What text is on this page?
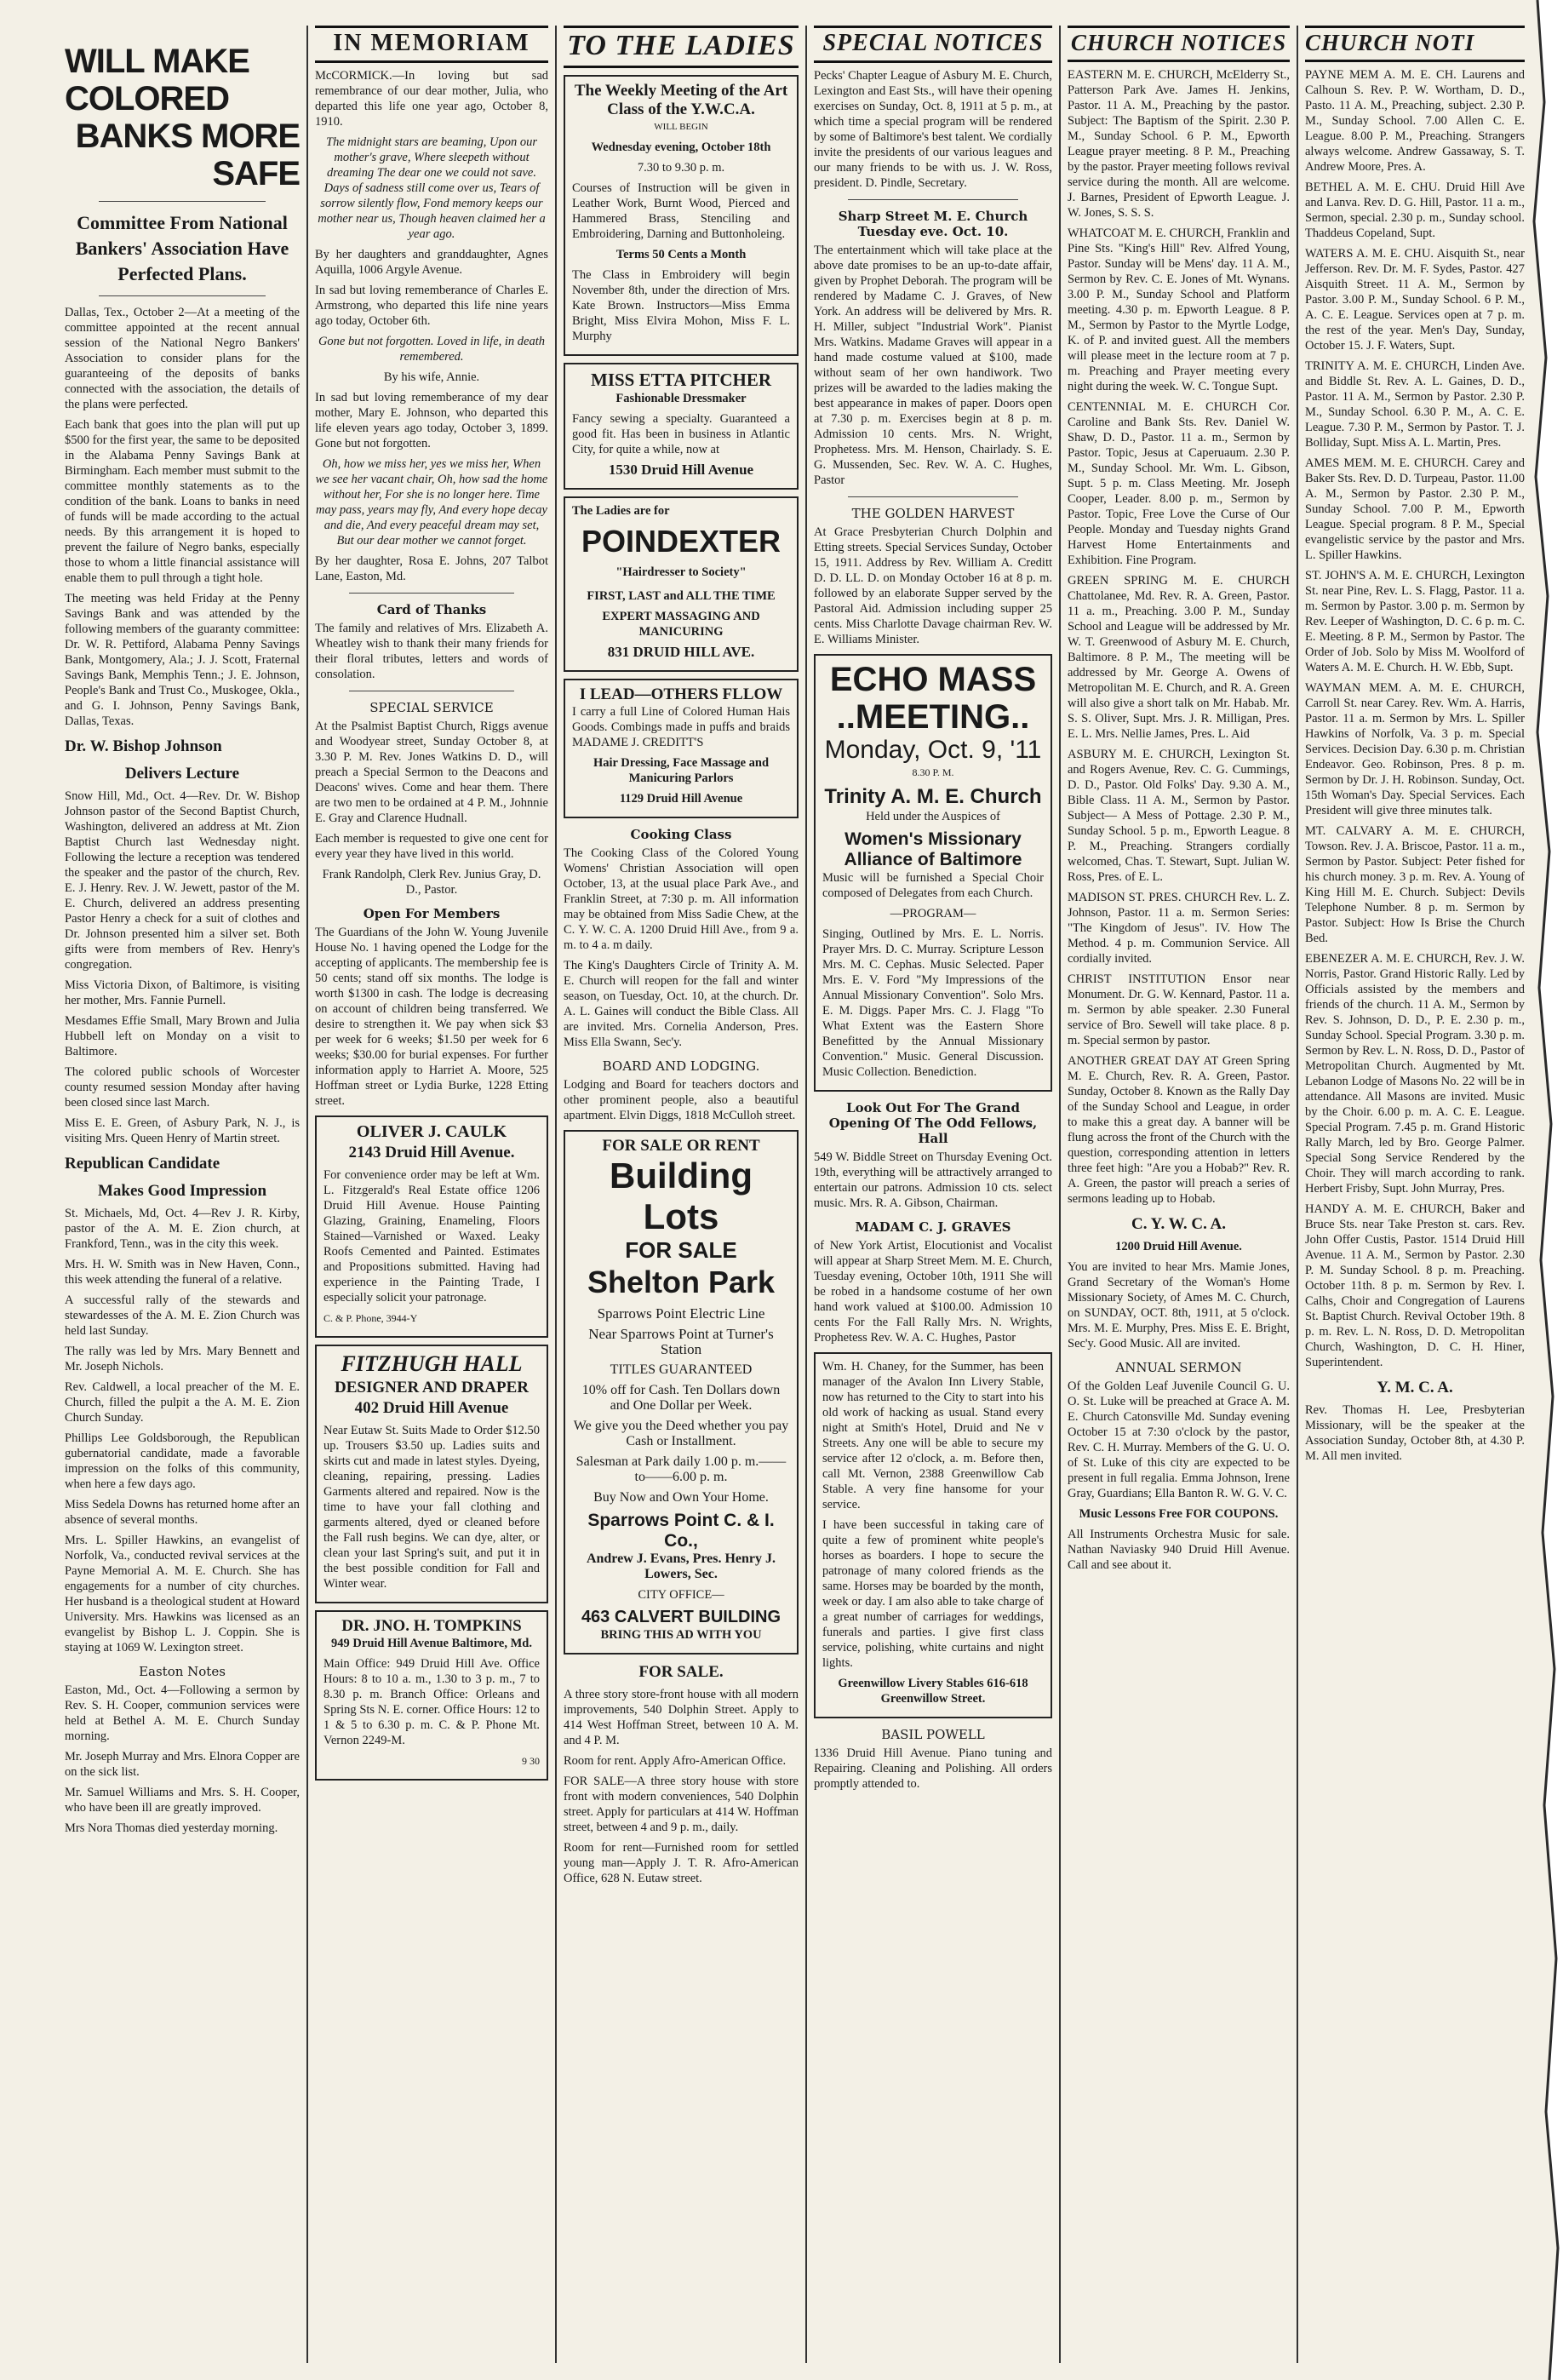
WILL MAKE COLORED
BANKS MORE SAFE
Committee From National Bankers' Association Have Perfected Plans.
Dallas, Tex., October 2—At a meeting of the committee appointed at the recent annual session of the National Negro Bankers' Association to consider plans for the guaranteeing of the deposits of banks connected with the association, the details of the plans were perfected.
Each bank that goes into the plan will put up $500 for the first year, the same to be deposited in the Alabama Penny Savings Bank at Birmingham. Each member must submit to the committee monthly statements as to the condition of the bank. Loans to banks in need of funds will be made according to the actual needs. By this arrangement it is hoped to prevent the failure of Negro banks, especially those to whom a little financial assistance will enable them to pull through a tight hole.
The meeting was held Friday at the Penny Savings Bank and was attended by the following members of the guaranty committee: Dr. W. R. Pettiford, Alabama Penny Savings Bank, Montgomery, Ala.; J. J. Scott, Fraternal Savings Bank, Memphis Tenn.; J. E. Johnson, People's Bank and Trust Co., Muskogee, Okla., and G. I. Johnson, Penny Savings Bank, Dallas, Texas.
Dr. W. Bishop Johnson
Delivers Lecture
Snow Hill, Md., Oct. 4—Rev. Dr. W. Bishop Johnson pastor of the Second Baptist Church, Washington, delivered an address at Mt. Zion Baptist Church last Wednesday night. Following the lecture a reception was tendered the speaker and the pastor of the church, Rev. E. J. Henry. Rev. J. W. Jewett, pastor of the M. E. Church, delivered an address presenting Pastor Henry a check for a suit of clothes and Dr. Johnson presented him a silver set. Both gifts were from members of Rev. Henry's congregation.
Miss Victoria Dixon, of Baltimore, is visiting her mother, Mrs. Fannie Purnell.
Mesdames Effie Small, Mary Brown and Julia Hubbell left on Monday on a visit to Baltimore.
The colored public schools of Worcester county resumed session Monday after having been closed since last March.
Miss E. E. Green, of Asbury Park, N. J., is visiting Mrs. Queen Henry of Martin street.
Republican Candidate
Makes Good Impression
St. Michaels, Md, Oct. 4—Rev J. R. Kirby, pastor of the A. M. E. Zion church, at Frankford, Tenn., was in the city this week.
Mrs. H. W. Smith was in New Haven, Conn., this week attending the funeral of a relative.
A successful rally of the stewards and stewardesses of the A. M. E. Zion Church was held last Sunday.
The rally was led by Mrs. Mary Bennett and Mr. Joseph Nichols.
Rev. Caldwell, a local preacher of the M. E. Church, filled the pulpit a the A. M. E. Zion Church Sunday.
Phillips Lee Goldsborough, the Republican gubernatorial candidate, made a favorable impression on the folks of this community, when here a few days ago.
Miss Sedela Downs has returned home after an absence of several months.
Mrs. L. Spiller Hawkins, an evangelist of Norfolk, Va., conducted revival services at the Payne Memorial A. M. E. Church. She has engagements for a number of city churches. Her husband is a theological student at Howard University. Mrs. Hawkins was licensed as an evangelist by Bishop L. J. Coppin. She is staying at 1069 W. Lexington street.
Easton Notes
Easton, Md., Oct. 4—Following a sermon by Rev. S. H. Cooper, communion services were held at Bethel A. M. E. Church Sunday morning.
Mr. Joseph Murray and Mrs. Elnora Copper are on the sick list.
Mr. Samuel Williams and Mrs. S. H. Cooper, who have been ill are greatly improved.
Mrs Nora Thomas died yesterday morning.
IN MEMORIAM
McCORMICK.—In loving but sad remembrance of our dear mother, Julia, who departed this life one year ago, October 8, 1910.
The midnight stars are beaming, Upon our mother's grave, Where sleepeth without dreaming The dear one we could not save. Days of sadness still come over us, Tears of sorrow silently flow, Fond memory keeps our mother near us, Though heaven claimed her a year ago.
By her daughters and granddaughter, Agnes Aquilla, 1006 Argyle Avenue.
In sad but loving rememberance of Charles E. Armstrong, who departed this life nine years ago today, October 6th.
Gone but not forgotten. Loved in life, in death remembered.
By his wife, Annie.
In sad but loving rememberance of my dear mother, Mary E. Johnson, who departed this life eleven years ago today, October 3, 1899. Gone but not forgotten.
Oh, how we miss her, yes we miss her, When we see her vacant chair, Oh, how sad the home without her, For she is no longer here. Time may pass, years may fly, And every hope decay and die, And every peaceful dream may set, But our dear mother we cannot forget.
By her daughter, Rosa E. Johns, 207 Talbot Lane, Easton, Md.
Card of Thanks
The family and relatives of Mrs. Elizabeth A. Wheatley wish to thank their many friends for their floral tributes, letters and words of consolation.
SPECIAL SERVICE
At the Psalmist Baptist Church, Riggs avenue and Woodyear street, Sunday October 8, at 3.30 P. M. Rev. Jones Watkins D. D., will preach a Special Sermon to the Deacons and Deacons' wives. Come and hear them. There are two men to be ordained at 4 P. M., Johnnie E. Gray and Clarence Hudnall.
Each member is requested to give one cent for every year they have lived in this world.
Frank Randolph, Clerk Rev. Junius Gray, D. D., Pastor.
Open For Members
The Guardians of the John W. Young Juvenile House No. 1 having opened the Lodge for the accepting of applicants. The membership fee is 50 cents; stand off six months. The lodge is worth $1300 in cash. The lodge is decreasing on account of children being transferred. We desire to strengthen it. We pay when sick $3 per week for 6 weeks; $1.50 per week for 6 weeks; $30.00 for burial expenses. For further information apply to Harriet A. Moore, 525 Hoffman street or Lydia Burke, 1228 Etting street.
OLIVER J. CAULK
2143 Druid Hill Avenue.
For convenience order may be left at Wm. L. Fitzgerald's Real Estate office 1206 Druid Hill Avenue. House Painting Glazing, Graining, Enameling, Floors Stained—Varnished or Waxed. Leaky Roofs Cemented and Painted. Estimates and Propositions submitted. Having had experience in the Painting Trade, I especially solicit your patronage.
C. & P. Phone, 3944-Y
FITZHUGH HALL
DESIGNER AND DRAPER
402 Druid Hill Avenue
Near Eutaw St. Suits Made to Order $12.50 up. Trousers $3.50 up. Ladies suits and skirts cut and made in latest styles. Dyeing, cleaning, repairing, pressing. Ladies Garments altered and repaired. Now is the time to have your fall clothing and garments altered, dyed or cleaned before the Fall rush begins. We can dye, alter, or clean your last Spring's suit, and put it in the best possible condition for Fall and Winter wear.
DR. JNO. H. TOMPKINS
949 Druid Hill Avenue Baltimore, Md.
Main Office: 949 Druid Hill Ave. Office Hours: 8 to 10 a. m., 1.30 to 3 p. m., 7 to 8.30 p. m. Branch Office: Orleans and Spring Sts N. E. corner. Office Hours: 12 to 1 & 5 to 6.30 p. m. C. & P. Phone Mt. Vernon 2249-M.
9 30
TO THE LADIES
The Weekly Meeting of the Art Class of the Y.W.C.A.
WILL BEGIN
Wednesday evening, October 18th
7.30 to 9.30 p. m.
Courses of Instruction will be given in Leather Work, Burnt Wood, Pierced and Hammered Brass, Stenciling and Embroidering, Darning and Buttonholeing.
Terms 50 Cents a Month
The Class in Embroidery will begin November 8th, under the direction of Mrs. Kate Brown. Instructors—Miss Emma Bright, Miss Elvira Mohon, Miss F. L. Murphy
MISS ETTA PITCHER
Fashionable Dressmaker
Fancy sewing a specialty. Guaranteed a good fit. Has been in business in Atlantic City, for quite a while, now at
1530 Druid Hill Avenue
The Ladies are for
POINDEXTER
"Hairdresser to Society"
FIRST, LAST and ALL THE TIME
EXPERT MASSAGING AND MANICURING
831 DRUID HILL AVE.
I LEAD—OTHERS FLLOW
I carry a full Line of Colored Human Hais Goods. Combings made in puffs and braids MADAME J. CREDITT'S
Hair Dressing, Face Massage and Manicuring Parlors
1129 Druid Hill Avenue
Cooking Class
The Cooking Class of the Colored Young Womens' Christian Association will open October, 13, at the usual place Park Ave., and Franklin Street, at 7:30 p. m. All information may be obtained from Miss Sadie Chew, at the C. Y. W. C. A. 1200 Druid Hill Ave., from 9 a. m. to 4 a. m daily.
The King's Daughters Circle of Trinity A. M. E. Church will reopen for the fall and winter season, on Tuesday, Oct. 10, at the church. Dr. A. L. Gaines will conduct the Bible Class. All are invited. Mrs. Cornelia Anderson, Pres. Miss Ella Swann, Sec'y.
BOARD AND LODGING.
Lodging and Board for teachers doctors and other prominent people, also a beautiful apartment. Elvin Diggs, 1818 McCulloh street.
FOR SALE OR RENT
Building Lots
FOR SALE
Shelton Park
Sparrows Point Electric Line
Near Sparrows Point at Turner's Station
TITLES GUARANTEED
10% off for Cash. Ten Dollars down and One Dollar per Week.
We give you the Deed whether you pay Cash or Installment.
Salesman at Park daily 1.00 p. m.——to——6.00 p. m.
Buy Now and Own Your Home.
Sparrows Point C. & I. Co.,
Andrew J. Evans, Pres. Henry J. Lowers, Sec.
CITY OFFICE—
463 CALVERT BUILDING
BRING THIS AD WITH YOU
FOR SALE.
A three story store-front house with all modern improvements, 540 Dolphin Street. Apply to 414 West Hoffman Street, between 10 A. M. and 4 P. M.
Room for rent. Apply Afro-American Office.
FOR SALE—A three story house with store front with modern conveniences, 540 Dolphin street. Apply for particulars at 414 W. Hoffman street, between 4 and 9 p. m., daily.
Room for rent—Furnished room for settled young man—Apply J. T. R. Afro-American Office, 628 N. Eutaw street.
SPECIAL NOTICES
Pecks' Chapter League of Asbury M. E. Church, Lexington and East Sts., will have their opening exercises on Sunday, Oct. 8, 1911 at 5 p. m., at which time a special program will be rendered by some of Baltimore's best talent. We cordially invite the presidents of our various leagues and our many friends to be with us. J. W. Ross, president. D. Pindle, Secretary.
Sharp Street M. E. Church Tuesday eve. Oct. 10.
The entertainment which will take place at the above date promises to be an up-to-date affair, given by Prophet Deborah. The program will be rendered by Madame C. J. Graves, of New York. An address will be delivered by Mrs. R. H. Miller, subject "Industrial Work". Pianist Mrs. Watkins. Madame Graves will appear in a hand made costume valued at $100, made without seam of her own handiwork. Two prizes will be awarded to the ladies making the best appearance in makes of paper. Doors open at 7.30 p. m. Exercises begin at 8 p. m. Admission 10 cents. Mrs. N. Wright, Prophetess. Mrs. M. Henson, Chairlady. S. E. G. Mussenden, Sec. Rev. W. A. C. Hughes, Pastor
THE GOLDEN HARVEST
At Grace Presbyterian Church Dolphin and Etting streets. Special Services Sunday, October 15, 1911. Address by Rev. William A. Creditt D. D. LL. D. on Monday October 16 at 8 p. m. followed by an elaborate Supper served by the Pastoral Aid. Admission including supper 25 cents. Miss Charlotte Davage chairman Rev. W. E. Williams Minister.
ECHO MASS
..MEETING..
Monday, Oct. 9, '11
8.30 P. M.
Trinity A. M. E. Church
Held under the Auspices of
Women's Missionary Alliance of Baltimore
Music will be furnished a Special Choir composed of Delegates from each Church.
—PROGRAM—
Singing, Outlined by Mrs. E. L. Norris. Prayer Mrs. D. C. Murray. Scripture Lesson Mrs. M. C. Cephas. Music Selected. Paper Mrs. E. V. Ford "My Impressions of the Annual Missionary Convention". Solo Mrs. E. M. Diggs. Paper Mrs. C. J. Flagg "To What Extent was the Eastern Shore Benefitted by the Annual Missionary Convention." Music. General Discussion. Music Collection. Benediction.
Look Out For The Grand Opening Of The Odd Fellows, Hall
549 W. Biddle Street on Thursday Evening Oct. 19th, everything will be attractively arranged to entertain our patrons. Admission 10 cts. select music. Mrs. R. A. Gibson, Chairman.
MADAM C. J. GRAVES
of New York Artist, Elocutionist and Vocalist will appear at Sharp Street Mem. M. E. Church, Tuesday evening, October 10th, 1911 She will be robed in a handsome costume of her own hand work valued at $100.00. Admission 10 cents For the Fall Rally Mrs. N. Wrights, Prophetess Rev. W. A. C. Hughes, Pastor
Wm. H. Chaney, for the Summer, has been manager of the Avalon Inn Livery Stable, now has returned to the City to start into his old work of hacking as usual. Stand every night at Smith's Hotel, Druid and Ne v Streets. Any one will be able to secure my service after 12 o'clock, a. m. Before then, call Mt. Vernon, 2388 Greenwillow Cab Stable. A very fine hansome for your service.
I have been successful in taking care of quite a few of prominent white people's horses as boarders. I hope to secure the patronage of many colored friends as the same. Horses may be boarded by the month, week or day. I am also able to take charge of a great number of carriages for weddings, funerals and parties. I give first class service, polishing, white curtains and night lights.
Greenwillow Livery Stables 616-618 Greenwillow Street.
BASIL POWELL
1336 Druid Hill Avenue. Piano tuning and Repairing. Cleaning and Polishing. All orders promptly attended to.
CHURCH NOTICES
EASTERN M. E. CHURCH, McElderry St., Patterson Park Ave. James H. Jenkins, Pastor. 11 A. M., Preaching by the pastor. Subject: The Baptism of the Spirit. 2.30 P. M., Sunday School. 6 P. M., Epworth League prayer meeting. 8 P. M., Preaching by the pastor. Prayer meeting follows revival service during the month. All are welcome. J. Barnes, President of Epworth League. J. W. Jones, S. S. S.
WHATCOAT M. E. CHURCH, Franklin and Pine Sts. "King's Hill" Rev. Alfred Young, Pastor. Sunday will be Mens' day. 11 A. M., Sermon by Rev. C. E. Jones of Mt. Wynans. 3.00 P. M., Sunday School and Platform meeting. 4.30 p. m. Epworth League. 8 P. M., Sermon by Pastor to the Myrtle Lodge, K. of P. and invited guest. All the members will please meet in the lecture room at 7 p. m. Preaching and Prayer meeting every night during the week. W. C. Tongue Supt.
CENTENNIAL M. E. CHURCH Cor. Caroline and Bank Sts. Rev. Daniel W. Shaw, D. D., Pastor. 11 a. m., Sermon by Pastor. Topic, Jesus at Caperuaum. 2.30 P. M., Sunday School. Mr. Wm. L. Gibson, Supt. 5 p. m. Class Meeting. Mr. Joseph Cooper, Leader. 8.00 p. m., Sermon by Pastor. Topic, Free Love the Curse of Our People. Monday and Tuesday nights Grand Harvest Home Entertainments and Exhibition. Fine Program.
GREEN SPRING M. E. CHURCH Chattolanee, Md. Rev. R. A. Green, Pastor. 11 a. m., Preaching. 3.00 P. M., Sunday School and League will be addressed by Mr. W. T. Greenwood of Asbury M. E. Church, Baltimore. 8 P. M., The meeting will be addressed by Mr. George A. Owens of Metropolitan M. E. Church, and R. A. Green will also give a short talk on Mr. Habab. Mr. S. S. Oliver, Supt. Mrs. J. R. Milligan, Pres. E. L. Mrs. Nellie James, Pres. L. Aid
ASBURY M. E. CHURCH, Lexington St. and Rogers Avenue, Rev. C. G. Cummings, D. D., Pastor. Old Folks' Day. 9.30 A. M., Bible Class. 11 A. M., Sermon by Pastor. Subject— A Mess of Pottage. 2.30 P. M., Sunday School. 5 p. m., Epworth League. 8 P. M., Preaching. Strangers cordially welcomed, Chas. T. Stewart, Supt. Julian W. Ross, Pres. of E. L.
MADISON ST. PRES. CHURCH Rev. L. Z. Johnson, Pastor. 11 a. m. Sermon Series: "The Kingdom of Jesus". IV. How The Method. 4 p. m. Communion Service. All cordially invited.
CHRIST INSTITUTION Ensor near Monument. Dr. G. W. Kennard, Pastor. 11 a. m. Sermon by able speaker. 2.30 Funeral service of Bro. Sewell will take place. 8 p. m. Special sermon by pastor.
ANOTHER GREAT DAY AT Green Spring M. E. Church, Rev. R. A. Green, Pastor. Sunday, October 8. Known as the Rally Day of the Sunday School and League, in order to make this a great day. A banner will be flung across the front of the Church with the question, corresponding attention in letters three feet high: "Are you a Hobab?" Rev. R. A. Green, the pastor will preach a series of sermons leading up to Hobab.
C. Y. W. C. A.
1200 Druid Hill Avenue.
You are invited to hear Mrs. Mamie Jones, Grand Secretary of the Woman's Home Missionary Society, of Ames M. C. Church, on SUNDAY, OCT. 8th, 1911, at 5 o'clock. Mrs. M. E. Murphy, Pres. Miss E. E. Bright, Sec'y. Good Music. All are invited.
ANNUAL SERMON
Of the Golden Leaf Juvenile Council G. U. O. St. Luke will be preached at Grace A. M. E. Church Catonsville Md. Sunday evening October 15 at 7:30 o'clock by the pastor, Rev. C. H. Murray. Members of the G. U. O. of St. Luke of this city are expected to be present in full regalia. Emma Johnson, Irene Gray, Guardians; Ella Banton R. W. G. V. C.
Music Lessons Free FOR COUPONS.
All Instruments Orchestra Music for sale. Nathan Naviasky 940 Druid Hill Avenue. Call and see about it.
CHURCH NOTI
PAYNE MEM A. M. E. CH. Laurens and Calhoun S. Rev. P. W. Wortham, D. D., Pasto. 11 A. M., Preaching, subject. 2.30 P. M., Sunday School. 7.00 Allen C. E. League. 8.00 P. M., Preaching. Strangers always welcome. Andrew Gassaway, S. T. Andrew Moore, Pres. A.
BETHEL A. M. E. CHU. Druid Hill Ave and Lanva. Rev. D. G. Hill, Pastor. 11 a. m., Sermon, special. 2.30 p. m., Sunday school. Thaddeus Copeland, Supt.
WATERS A. M. E. CHU. Aisquith St., near Jefferson. Rev. Dr. M. F. Sydes, Pastor. 427 Aisquith Street. 11 A. M., Sermon by Pastor. 3.00 P. M., Sunday School. 6 P. M., A. C. E. League. Services open at 7 p. m. the rest of the year. Men's Day, Sunday, October 15. J. F. Waters, Supt.
TRINITY A. M. E. CHURCH, Linden Ave. and Biddle St. Rev. A. L. Gaines, D. D., Pastor. 11 A. M., Sermon by Pastor. 2.30 P. M., Sunday School. 6.30 P. M., A. C. E. League. 7.30 P. M., Sermon by Pastor. T. J. Bolliday, Supt. Miss A. L. Martin, Pres.
AMES MEM. M. E. CHURCH. Carey and Baker Sts. Rev. D. D. Turpeau, Pastor. 11.00 A. M., Sermon by Pastor. 2.30 P. M., Sunday School. 7.00 P. M., Epworth League. Special program. 8 P. M., Special evangelistic service by the pastor and Mrs. L. Spiller Hawkins.
ST. JOHN'S A. M. E. CHURCH, Lexington St. near Pine, Rev. L. S. Flagg, Pastor. 11 a. m. Sermon by Pastor. 3.00 p. m. Sermon by Rev. Leeper of Washington, D. C. 6 p. m. C. E. Meeting. 8 P. M., Sermon by Pastor. The Order of Job. Solo by Miss M. Woolford of Waters A. M. E. Church. H. W. Ebb, Supt.
WAYMAN MEM. A. M. E. CHURCH, Carroll St. near Carey. Rev. Wm. A. Harris, Pastor. 11 a. m. Sermon by Mrs. L. Spiller Hawkins of Norfolk, Va. 3 p. m. Special Services. Decision Day. 6.30 p. m. Christian Endeavor. Geo. Robinson, Pres. 8 p. m. Sermon by Dr. J. H. Robinson. Sunday, Oct. 15th Woman's Day. Special Services. Each President will give three minutes talk.
MT. CALVARY A. M. E. CHURCH, Towson. Rev. J. A. Briscoe, Pastor. 11 a. m., Sermon by Pastor. Subject: Peter fished for his church money. 3 p. m. Rev. A. Young of King Hill M. E. Church. Subject: Devils Telephone Number. 8 p. m. Sermon by Pastor. Subject: How Is Brise the Church Bed.
EBENEZER A. M. E. CHURCH, Rev. J. W. Norris, Pastor. Grand Historic Rally. Led by Officials assisted by the members and friends of the church. 11 A. M., Sermon by Rev. S. Johnson, D. D., P. E. 2.30 p. m., Sunday School. Special Program. 3.30 p. m. Sermon by Rev. L. N. Ross, D. D., Pastor of Metropolitan Church. Augmented by Mt. Lebanon Lodge of Masons No. 22 will be in attendance. All Masons are invited. Music by the Choir. 6.00 p. m. A. C. E. League. Special Program. 7.45 p. m. Grand Historic Rally March, led by Bro. George Palmer. Special Song Service Rendered by the Choir. They will march according to rank. Herbert Frisby, Supt. John Murray, Pres.
HANDY A. M. E. CHURCH, Baker and Bruce Sts. near Take Preston st. cars. Rev. John Offer Custis, Pastor. 1514 Druid Hill Avenue. 11 A. M., Sermon by Pastor. 2.30 P. M. Sunday School. 8 p. m. Preaching. October 11th. 8 p. m. Sermon by Rev. I. Calhs, Choir and Congregation of Laurens St. Baptist Church. Revival October 19th. 8 p. m. Rev. L. N. Ross, D. D. Metropolitan Church, Washington, D. C. H. Hiner, Superintendent.
Y. M. C. A.
Rev. Thomas H. Lee, Presbyterian Missionary, will be the speaker at the Association Sunday, October 8th, at 4.30 P. M. All men invited.
